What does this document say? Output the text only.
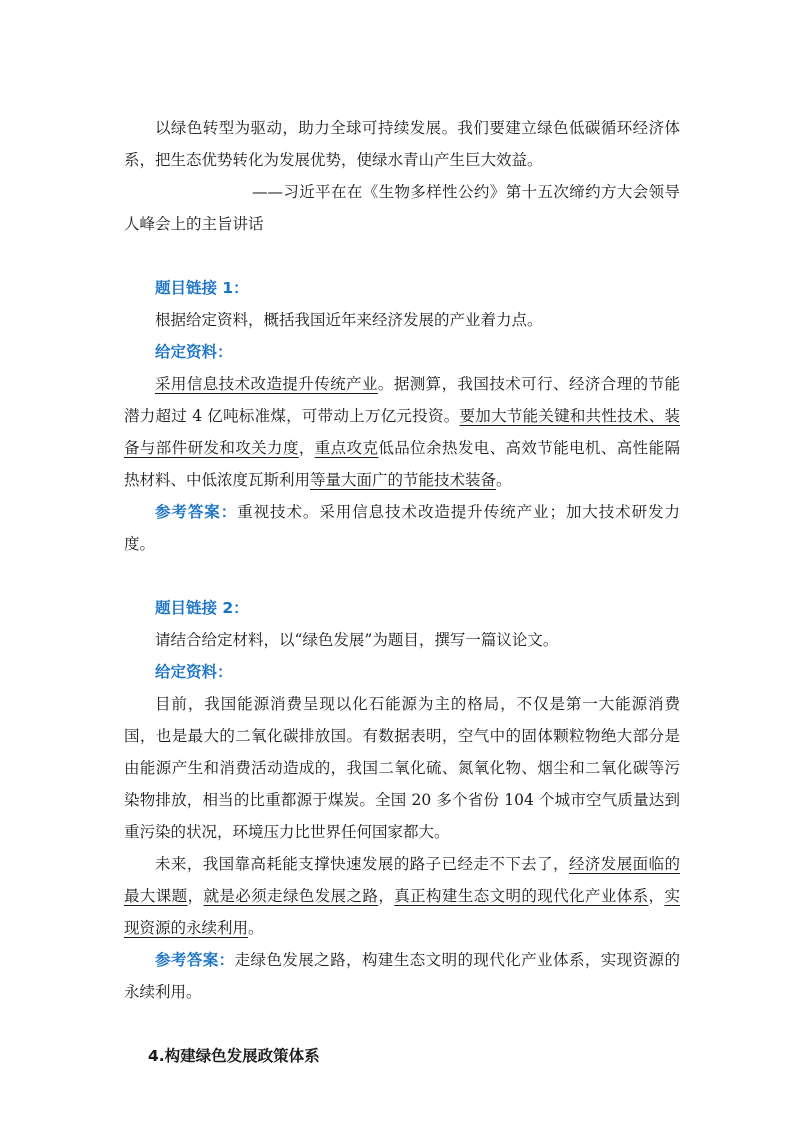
以绿色转型为驱动，助力全球可持续发展。我们要建立绿色低碳循环经济体系，把生态优势转化为发展优势，使绿水青山产生巨大效益。

——习近平在在《生物多样性公约》第十五次缔约方大会领导人峰会上的主旨讲话

题目链接 1：

根据给定资料，概括我国近年来经济发展的产业着力点。

给定资料：

采用信息技术改造提升传统产业。据测算，我国技术可行、经济合理的节能潜力超过 4 亿吨标准煤，可带动上万亿元投资。要加大节能关键和共性技术、装备与部件研发和攻关力度，重点攻克低品位余热发电、高效节能电机、高性能隔热材料、中低浓度瓦斯利用等量大面广的节能技术装备。

参考答案：重视技术。采用信息技术改造提升传统产业；加大技术研发力度。

题目链接 2：

请结合给定材料，以“绿色发展”为题目，撰写一篇议论文。

给定资料：

目前，我国能源消费呈现以化石能源为主的格局，不仅是第一大能源消费国，也是最大的二氧化碳排放国。有数据表明，空气中的固体颗粒物绝大部分是由能源产生和消费活动造成的，我国二氧化硫、氮氧化物、烟尘和二氧化碳等污染物排放，相当的比重都源于煤炭。全国 20 多个省份 104 个城市空气质量达到重污染的状况，环境压力比世界任何国家都大。

未来，我国靠高耗能支撑快速发展的路子已经走不下去了，经济发展面临的最大课题，就是必须走绿色发展之路，真正构建生态文明的现代化产业体系，实现资源的永续利用。

参考答案：走绿色发展之路，构建生态文明的现代化产业体系，实现资源的永续利用。

4.构建绿色发展政策体系
